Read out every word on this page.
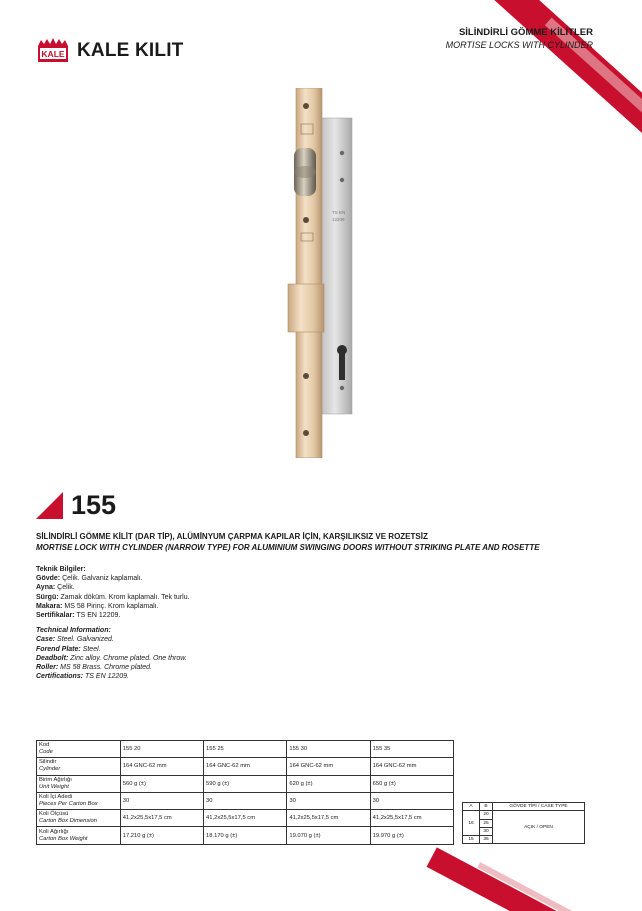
KALE KALE KILIT
SİLİNDİRLİ GÖMME KİLİTLER
MORTISE LOCKS WITH CYLINDER
TS EN
12209
155
SİLİNDİRLİ GÖMME KİLİT (DAR TİP), ALÜMİNYUM ÇARPMA KAPILAR İÇİN, KARŞILIKSIZ VE ROZETSİZ
MORTISE LOCK WITH CYLINDER (NARROW TYPE) FOR ALUMINIUM SWINGING DOORS WITHOUT STRIKING PLATE AND ROSETTE
Teknik Bilgiler:
Gövde: Çelik. Galvaniz kaplamalı.
Ayna: Çelik.
Sürgü: Zamak döküm. Krom kaplamalı. Tek turlu.
Makara: MS 58 Pirinç. Krom kaplamalı.
Sertifikalar: TS EN 12209.
Technical Information:
Case: Steel. Galvanized.
Forend Plate: Steel.
Deadbolt: Zinc alloy. Chrome plated. One throw.
Roller: MS 58 Brass. Chrome plated.
Certifications: TS EN 12209.
Kod
Code	155 20	155 25	155 30	155 35

Silindir
Cylinder	164 GNC-62 mm	164 GNC-62 mm	164 GNC-62 mm	164 GNC-62 mm

Birim Ağırlığı
Unit Weight	560 g (±)	590 g (±)	620 g (±)	650 g (±)

Koli İçi Adedi
Pieces Per Carton Box	30	30	30	30

Koli Ölçüsü
Carton Box Dimension	41,2x25,5x17,5 cm	41,2x25,5x17,5 cm	41,2x25,5x17,5 cm	41,2x25,5x17,5 cm

Koli Ağırlığı
Carton Box Weight	17.210 g (±)	18.170 g (±)	19.070 g (±)	19.970 g (±)
A	B	GÖVDE TİPİ / CASE TYPE
16	20	AÇIK / OPEN
	25	
	30	
15	35	
